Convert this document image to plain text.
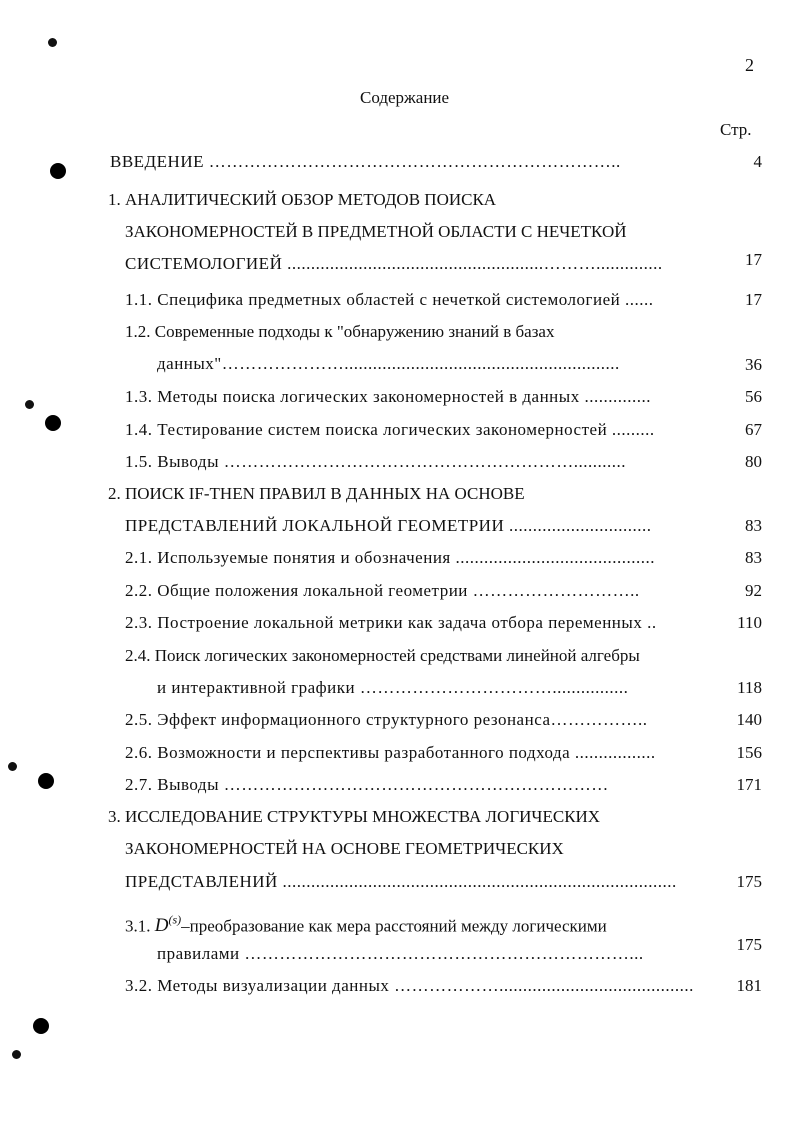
2
Содержание
Стр.
ВВЕДЕНИЕ ……………………………………………………………..	4
1. АНАЛИТИЧЕСКИЙ ОБЗОР МЕТОДОВ ПОИСКА
ЗАКОНОМЕРНОСТЕЙ В ПРЕДМЕТНОЙ ОБЛАСТИ С НЕЧЕТКОЙ
СИСТЕМОЛОГИЕЙ ......................................................………..............	17
1.1. Специфика предметных областей с нечеткой системологией ......	17
1.2. Современные подходы к "обнаружению знаний в базах
данных"…………………..........................................................	36
1.3. Методы поиска логических закономерностей в данных ..............	56
1.4. Тестирование систем поиска логических закономерностей .........	67
1.5. Выводы ……………………………………………………...........	80
2. ПОИСК IF-THEN ПРАВИЛ В ДАННЫХ НА ОСНОВЕ
ПРЕДСТАВЛЕНИЙ ЛОКАЛЬНОЙ ГЕОМЕТРИИ ..............................	83
2.1. Используемые понятия и обозначения ..........................................	83
2.2. Общие положения локальной геометрии ………………………..	92
2.3. Построение локальной метрики как задача отбора переменных ..	110
2.4. Поиск логических закономерностей средствами линейной алгебры
и интерактивной графики ……………………………................	118
2.5. Эффект информационного структурного резонанса……………..	140
2.6. Возможности и перспективы разработанного подхода .................	156
2.7. Выводы …………………………………………………………	171
3. ИССЛЕДОВАНИЕ СТРУКТУРЫ МНОЖЕСТВА ЛОГИЧЕСКИХ
ЗАКОНОМЕРНОСТЕЙ НА ОСНОВЕ ГЕОМЕТРИЧЕСКИХ
ПРЕДСТАВЛЕНИЙ ...................................................................................	175
3.1. $D^{(s)}$–преобразование как мера расстояний между логическими
правилами …………………………………………………………...	175
3.2. Методы визуализации данных ……………….........................................	181
